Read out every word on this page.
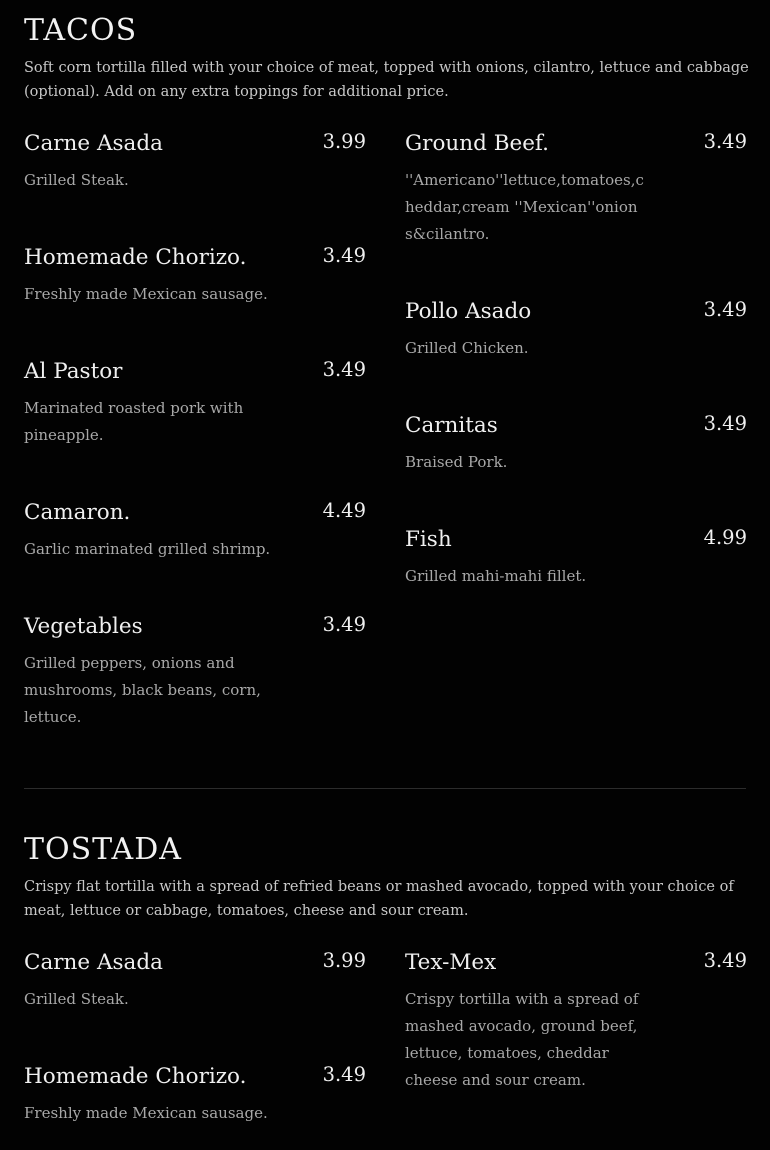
TACOS

Soft corn tortilla filled with your choice of meat, topped with onions, cilantro, lettuce and cabbage (optional). Add on any extra toppings for additional price.

Carne Asada	3.99
Grilled Steak.
Ground Beef.	3.49
''Americano''lettuce,tomatoes,cheddar,cream ''Mexican''onions&cilantro.
Homemade Chorizo.	3.49
Freshly made Mexican sausage.
Pollo Asado	3.49
Grilled Chicken.
Al Pastor	3.49
Marinated roasted pork with pineapple.	Carnitas	3.49
Braised Pork.
Camaron.	4.49
Garlic marinated grilled shrimp.	Fish	4.99
Grilled mahi-mahi fillet.
Vegetables	3.49
Grilled peppers, onions and mushrooms, black beans, corn, lettuce.
TOSTADA

Crispy flat tortilla with a spread of refried beans or mashed avocado, topped with your choice of meat, lettuce or cabbage, tomatoes, cheese and sour cream.

Carne Asada	3.99
Grilled Steak.
Tex-Mex	3.49
Crispy tortilla with a spread of mashed avocado, ground beef, lettuce, tomatoes, cheddar cheese and sour cream.
Homemade Chorizo.	3.49
Freshly made Mexican sausage.
